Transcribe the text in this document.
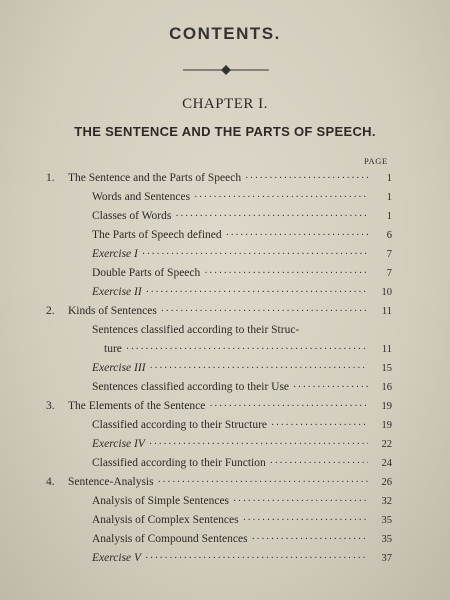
CONTENTS.
CHAPTER I.
THE SENTENCE AND THE PARTS OF SPEECH.
PAGE
1.	The Sentence and the Parts of Speech ·····	1
Words and Sentences ·····	1
Classes of Words ·····	1
The Parts of Speech defined ·····	6
Exercise I ·····	7
Double Parts of Speech ·····	7
Exercise II ·····	10
2.	Kinds of Sentences ·····	11
Sentences classified according to their Struc-
ture ·····	11
Exercise III ·····	15
Sentences classified according to their Use ·····	16
3.	The Elements of the Sentence ·····	19
Classified according to their Structure ·····	19
Exercise IV ·····	22
Classified according to their Function ·····	24
4.	Sentence-Analysis ·····	26
Analysis of Simple Sentences ·····	32
Analysis of Complex Sentences ·····	35
Analysis of Compound Sentences ·····	35
Exercise V ·····	37
